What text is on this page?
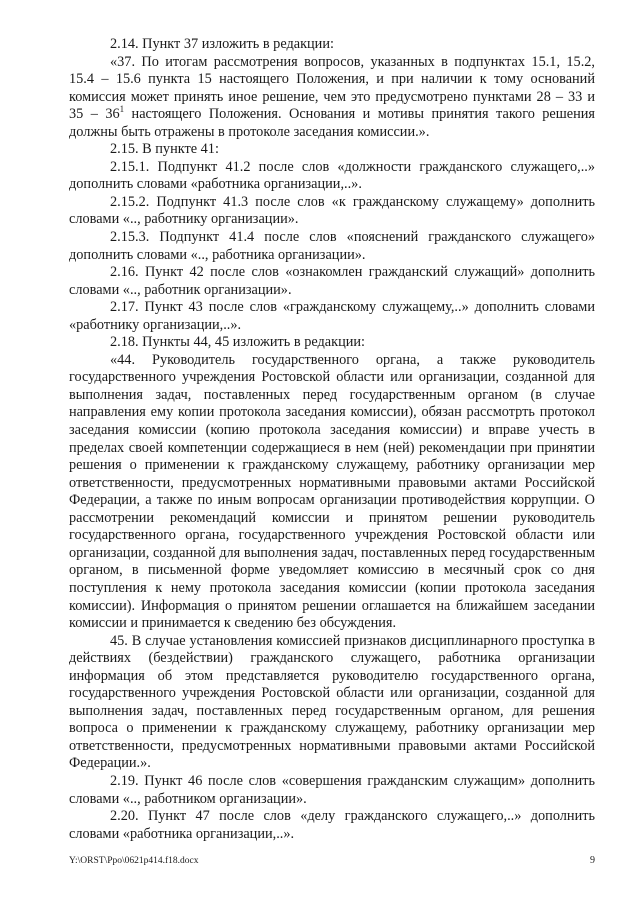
2.14. Пункт 37 изложить в редакции:

«37. По итогам рассмотрения вопросов, указанных в подпунктах 15.1, 15.2, 15.4 – 15.6 пункта 15 настоящего Положения, и при наличии к тому оснований комиссия может принять иное решение, чем это предусмотрено пунктами 28 – 33 и $35 - 36^1$ настоящего Положения. Основания и мотивы принятия такого решения должны быть отражены в протоколе заседания комиссии.».

2.15. В пункте 41:

2.15.1. Подпункт 41.2 после слов «должности гражданского служащего,..» дополнить словами «работника организации,..».

2.15.2. Подпункт 41.3 после слов «к гражданскому служащему» дополнить словами «.., работнику организации».

2.15.3. Подпункт 41.4 после слов «пояснений гражданского служащего» дополнить словами «.., работника организации».

2.16. Пункт 42 после слов «ознакомлен гражданский служащий» дополнить словами «.., работник организации».

2.17. Пункт 43 после слов «гражданскому служащему,..» дополнить словами «работнику организации,..».

2.18. Пункты 44, 45 изложить в редакции:

«44. Руководитель государственного органа, а также руководитель государственного учреждения Ростовской области или организации, созданной для выполнения задач, поставленных перед государственным органом (в случае направления ему копии протокола заседания комиссии), обязан рассмотрть протокол заседания комиссии (копию протокола заседания комиссии) и вправе учесть в пределах своей компетенции содержащиеся в нем (ней) рекомендации при принятии решения о применении к гражданскому служащему, работнику организации мер ответственности, предусмотренных нормативными правовыми актами Российской Федерации, а также по иным вопросам организации противодействия коррупции. О рассмотрении рекомендаций комиссии и принятом решении руководитель государственного органа, государственного учреждения Ростовской области или организации, созданной для выполнения задач, поставленных перед государственным органом, в письменной форме уведомляет комиссию в месячный срок со дня поступления к нему протокола заседания комиссии (копии протокола заседания комиссии). Информация о принятом решении оглашается на ближайшем заседании комиссии и принимается к сведению без обсуждения.

45. В случае установления комиссией признаков дисциплинарного проступка в действиях (бездействии) гражданского служащего, работника организации информация об этом представляется руководителю государственного органа, государственного учреждения Ростовской области или организации, созданной для выполнения задач, поставленных перед государственным органом, для решения вопроса о применении к гражданскому служащему, работнику организации мер ответственности, предусмотренных нормативными правовыми актами Российской Федерации.».

2.19. Пункт 46 после слов «совершения гражданским служащим» дополнить словами «.., работником организации».

2.20. Пункт 47 после слов «делу гражданского служащего,..» дополнить словами «работника организации,..».

Y:\ORST\Ppo\0621p414.f18.docx	9
